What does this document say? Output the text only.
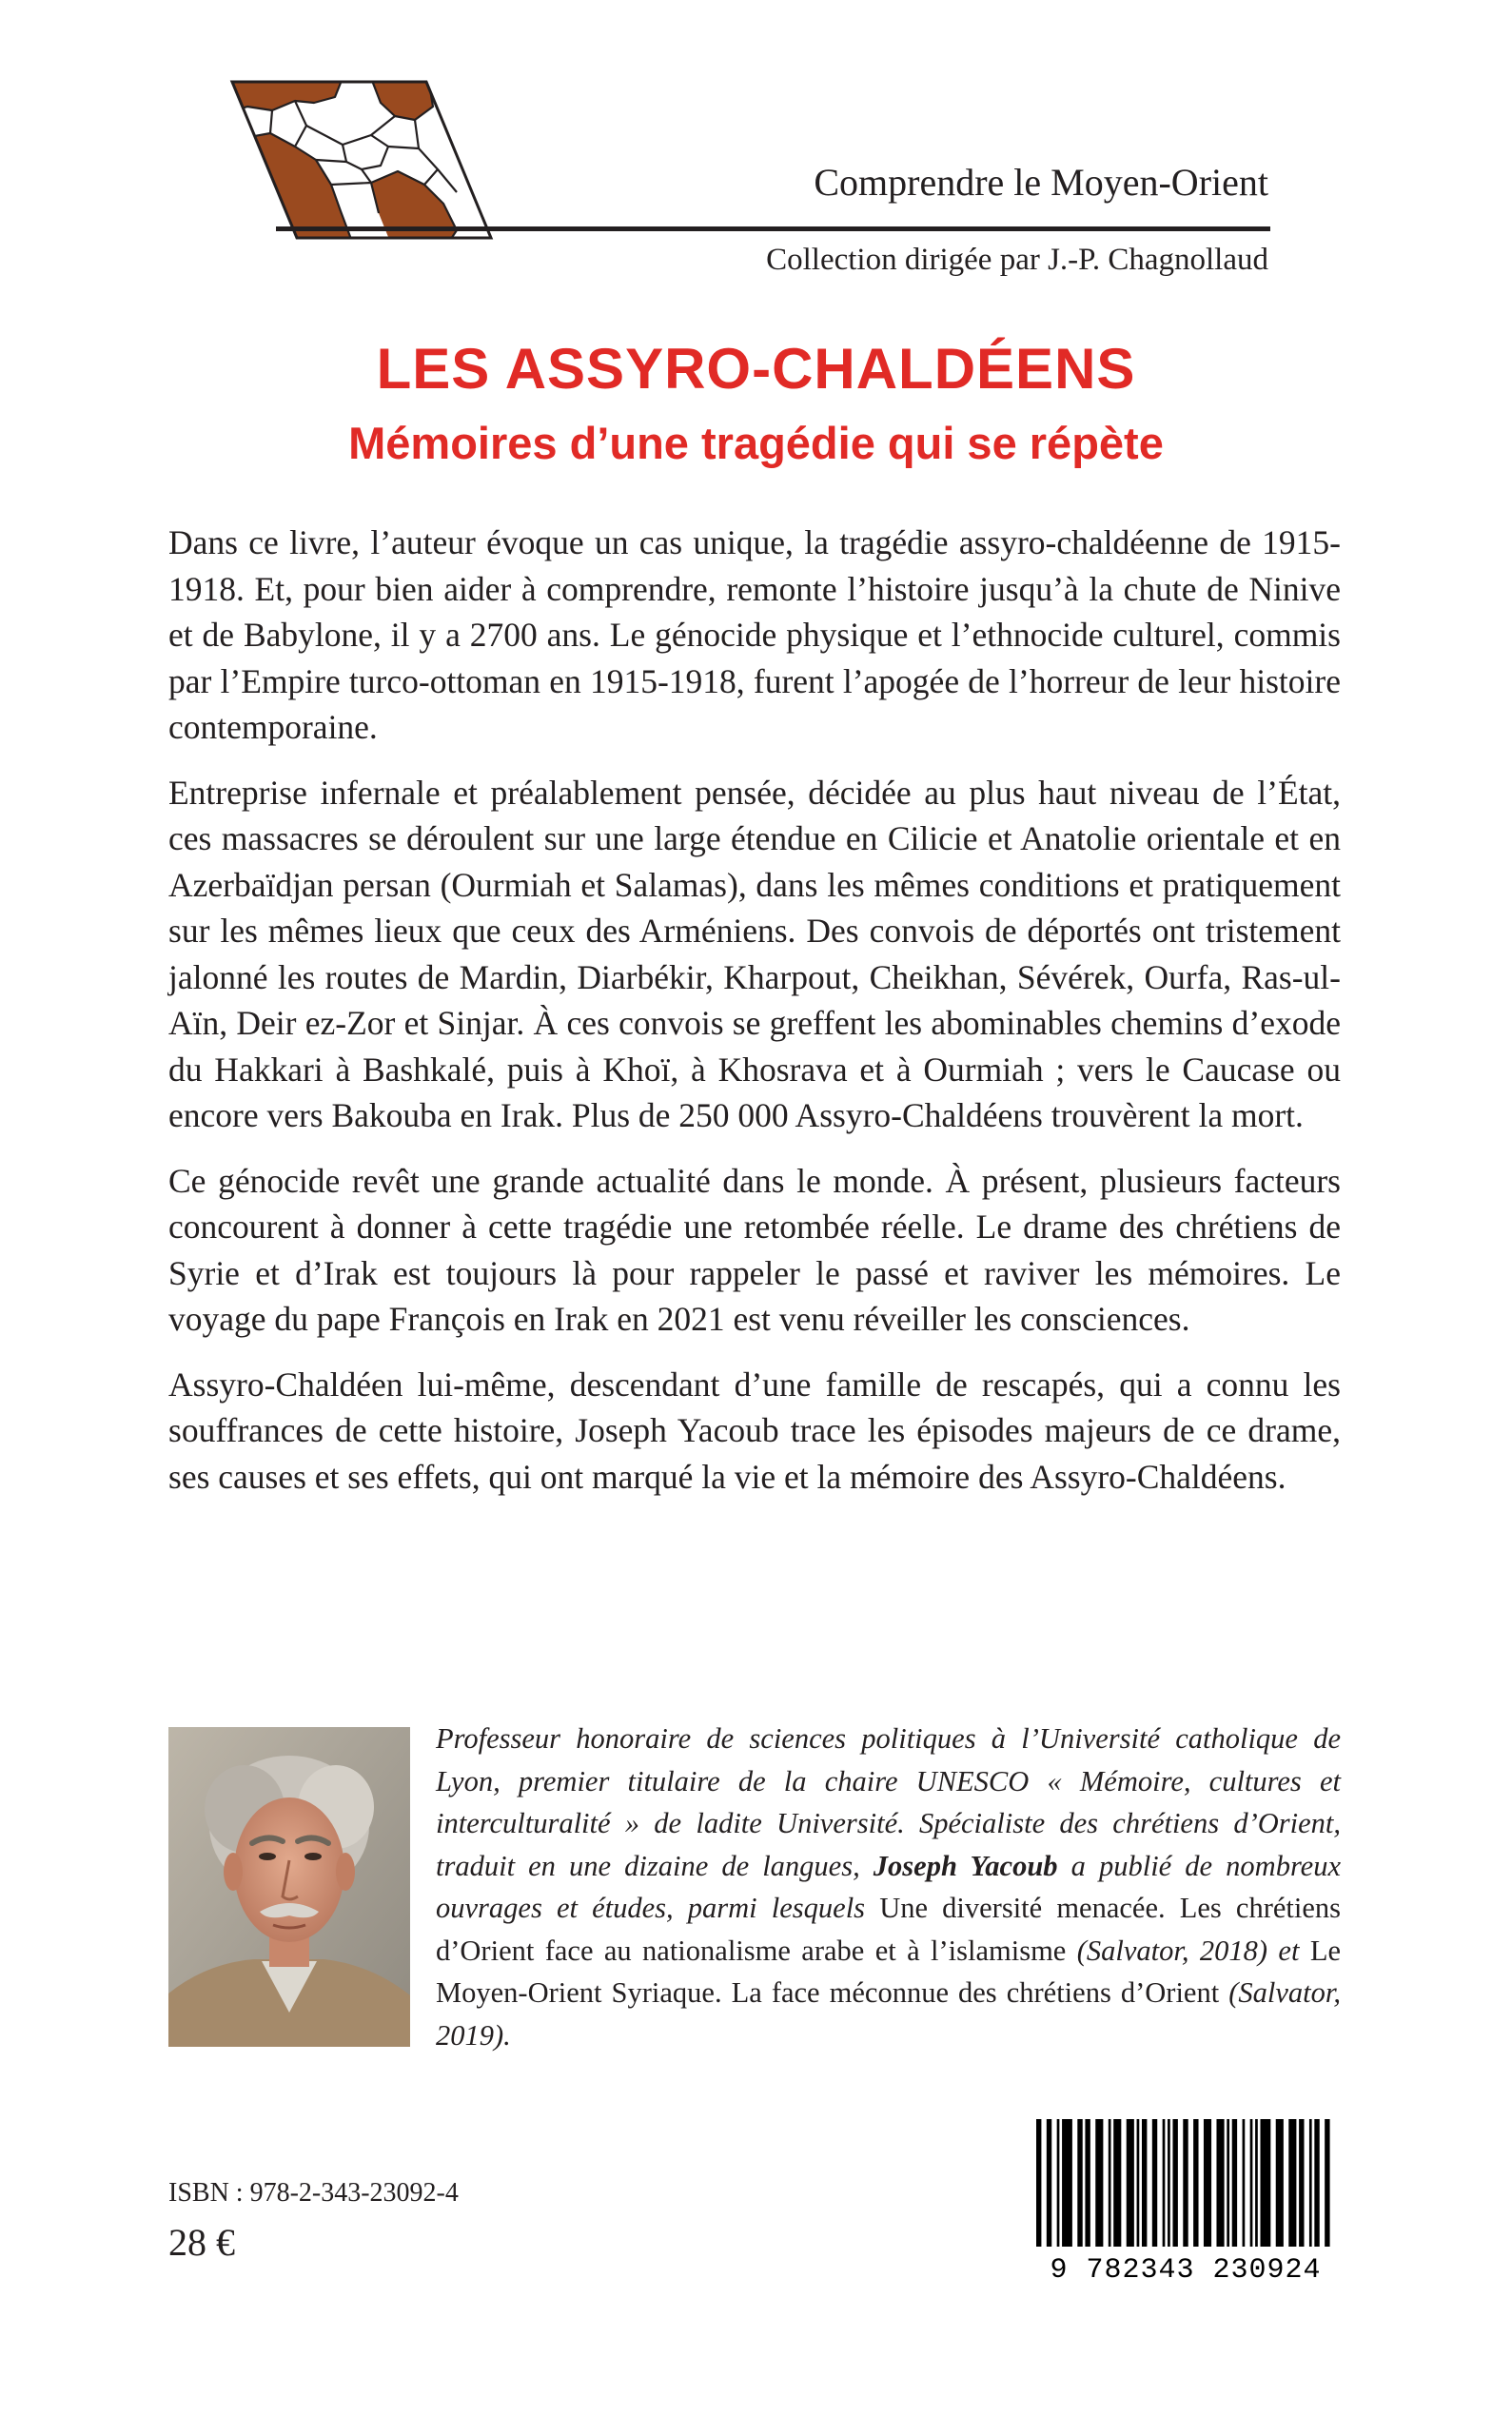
Comprendre le Moyen-Orient
Collection dirigée par J.-P. Chagnollaud
LES ASSYRO-CHALDÉENS
Mémoires d’une tragédie qui se répète

Dans ce livre, l’auteur évoque un cas unique, la tragédie assyro-chaldéenne de 1915-1918. Et, pour bien aider à comprendre, remonte l’histoire jusqu’à la chute de Ninive et de Babylone, il y a 2700 ans. Le génocide physique et l’ethnocide culturel, commis par l’Empire turco-ottoman en 1915-1918, furent l’apogée de l’horreur de leur histoire contemporaine.

Entreprise infernale et préalablement pensée, décidée au plus haut niveau de l’État, ces massacres se déroulent sur une large étendue en Cilicie et Anatolie orientale et en Azerbaïdjan persan (Ourmiah et Salamas), dans les mêmes conditions et pratiquement sur les mêmes lieux que ceux des Arméniens. Des convois de déportés ont tristement jalonné les routes de Mardin, Diarbékir, Kharpout, Cheikhan, Sévérek, Ourfa, Ras-ul-Aïn, Deir ez-Zor et Sinjar. À ces convois se greffent les abominables chemins d’exode du Hakkari à Bashkalé, puis à Khoï, à Khosrava et à Ourmiah ; vers le Caucase ou encore vers Bakouba en Irak. Plus de 250 000 Assyro-Chaldéens trouvèrent la mort.

Ce génocide revêt une grande actualité dans le monde. À présent, plusieurs facteurs concourent à donner à cette tragédie une retombée réelle. Le drame des chrétiens de Syrie et d’Irak est toujours là pour rappeler le passé et raviver les mémoires. Le voyage du pape François en Irak en 2021 est venu réveiller les consciences.

Assyro-Chaldéen lui-même, descendant d’une famille de rescapés, qui a connu les souffrances de cette histoire, Joseph Yacoub trace les épisodes majeurs de ce drame, ses causes et ses effets, qui ont marqué la vie et la mémoire des Assyro-Chaldéens.

Professeur honoraire de sciences politiques à l’Université catholique de Lyon, premier titulaire de la chaire UNESCO « Mémoire, cultures et interculturalité » de ladite Université. Spécialiste des chrétiens d’Orient, traduit en une dizaine de langues, Joseph Yacoub a publié de nombreux ouvrages et études, parmi lesquels Une diversité menacée. Les chrétiens d’Orient face au nationalisme arabe et à l’islamisme (Salvator, 2018) et Le Moyen-Orient Syriaque. La face méconnue des chrétiens d’Orient (Salvator, 2019).
ISBN : 978-2-343-23092-4
28 €
9 782343 230924
